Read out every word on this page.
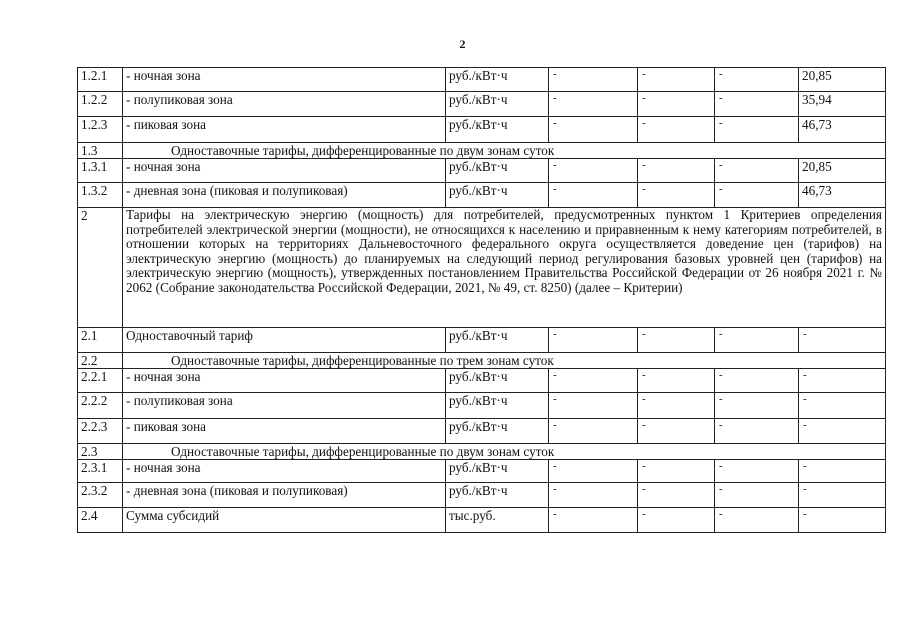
2
1.2.1	- ночная зона	руб./кВт·ч	-	-	-	20,85
1.2.2	- полупиковая зона	руб./кВт·ч	-	-	-	35,94
1.2.3	- пиковая зона	руб./кВт·ч	-	-	-	46,73
1.3	Одноставочные тарифы, дифференцированные по двум зонам суток					
1.3.1	- ночная зона	руб./кВт·ч	-	-	-	20,85
1.3.2	- дневная зона (пиковая и полупиковая)	руб./кВт·ч	-	-	-	46,73
2	Тарифы на электрическую энергию (мощность) для потребителей, предусмотренных пунктом 1 Критериев определения потребителей электрической энергии (мощности), не относящихся к населению и приравненным к нему категориям потребителей, в отношении которых на территориях Дальневосточного федерального округа осуществляется доведение цен (тарифов) на электрическую энергию (мощность) до планируемых на следующий период регулирования базовых уровней цен (тарифов) на электрическую энергию (мощность), утвержденных постановлением Правительства Российской Федерации от 26 ноября 2021 г. № 2062 (Собрание законодательства Российской Федерации, 2021, № 49, ст. 8250) (далее – Критерии)					
2.1	Одноставочный тариф	руб./кВт·ч	-	-	-	-
2.2	Одноставочные тарифы, дифференцированные по трем зонам суток					
2.2.1	- ночная зона	руб./кВт·ч	-	-	-	-
2.2.2	- полупиковая зона	руб./кВт·ч	-	-	-	-
2.2.3	- пиковая зона	руб./кВт·ч	-	-	-	-
2.3	Одноставочные тарифы, дифференцированные по двум зонам суток					
2.3.1	- ночная зона	руб./кВт·ч	-	-	-	-
2.3.2	- дневная зона (пиковая и полупиковая)	руб./кВт·ч	-	-	-	-
2.4	Сумма субсидий	тыс.руб.	-	-	-	-
